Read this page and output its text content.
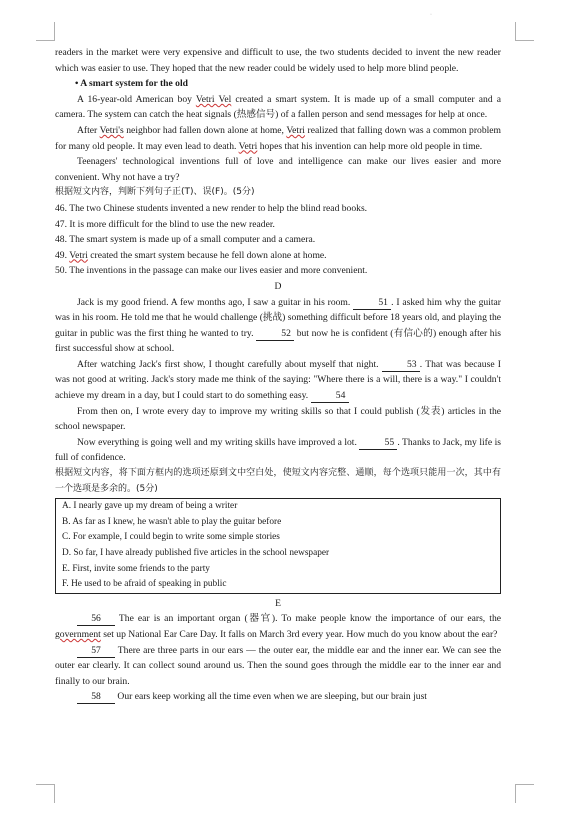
·

readers in the market were very expensive and difficult to use, the two students decided to invent the new reader which was easier to use. They hoped that the new reader could be widely used to help more blind people.

• A smart system for the old

A 16-year-old American boy Vetri Vel created a smart system. It is made up of a small computer and a camera. The system can catch the heat signals (热感信号) of a fallen person and send messages for help at once.

After Vetri's neighbor had fallen down alone at home, Vetri realized that falling down was a common problem for many old people. It may even lead to death. Vetri hopes that his invention can help more old people in time.

Teenagers' technological inventions full of love and intelligence can make our lives easier and more convenient. Why not have a try?

根据短文内容，判断下列句子正(T)、误(F)。(5分)

46. The two Chinese students invented a new render to help the blind read books.

47. It is more difficult for the blind to use the new reader.

48. The smart system is made up of a small computer and a camera.

49. Vetri created the smart system because he fell down alone at home.

50. The inventions in the passage can make our lives easier and more convenient.

D

Jack is my good friend. A few months ago, I saw a guitar in his room.	51 . I asked him why the guitar was in his room. He told me that he would challenge (挑战) something difficult before 18 years old, and playing the guitar in public was the first thing he wanted to try.	52 but now he is confident (有信心的) enough after his first successful show at school.

After watching Jack's first show, I thought carefully about myself that night.	53 . That was because I was not good at writing. Jack's story made me think of the saying: "Where there is a will, there is a way." I couldn't achieve my dream in a day, but I could start to do something easy.	54

From then on, I wrote every day to improve my writing skills so that I could publish (发表) articles in the school newspaper.

Now everything is going well and my writing skills have improved a lot.	55 . Thanks to Jack, my life is full of confidence.

根据短文内容，将下面方框内的选项还原到文中空白处，使短文内容完整、通顺，每个选项只能用一次，其中有一个选项是多余的。(5分)

A. I nearly gave up my dream of being a writer
B. As far as I knew, he wasn't able to play the guitar before
C. For example, I could begin to write some simple stories
D. So far, I have already published five articles in the school newspaper
E. First, invite some friends to the party
F. He used to be afraid of speaking in public

E

56 The ear is an important organ (器官). To make people know the importance of our ears, the government set up National Ear Care Day. It falls on March 3rd every year. How much do you know about the ear?

57 There are three parts in our ears — the outer ear, the middle ear and the inner ear. We can see the outer ear clearly. It can collect sound around us. Then the sound goes through the middle ear to the inner ear and finally to our brain.

58 Our ears keep working all the time even when we are sleeping, but our brain just
